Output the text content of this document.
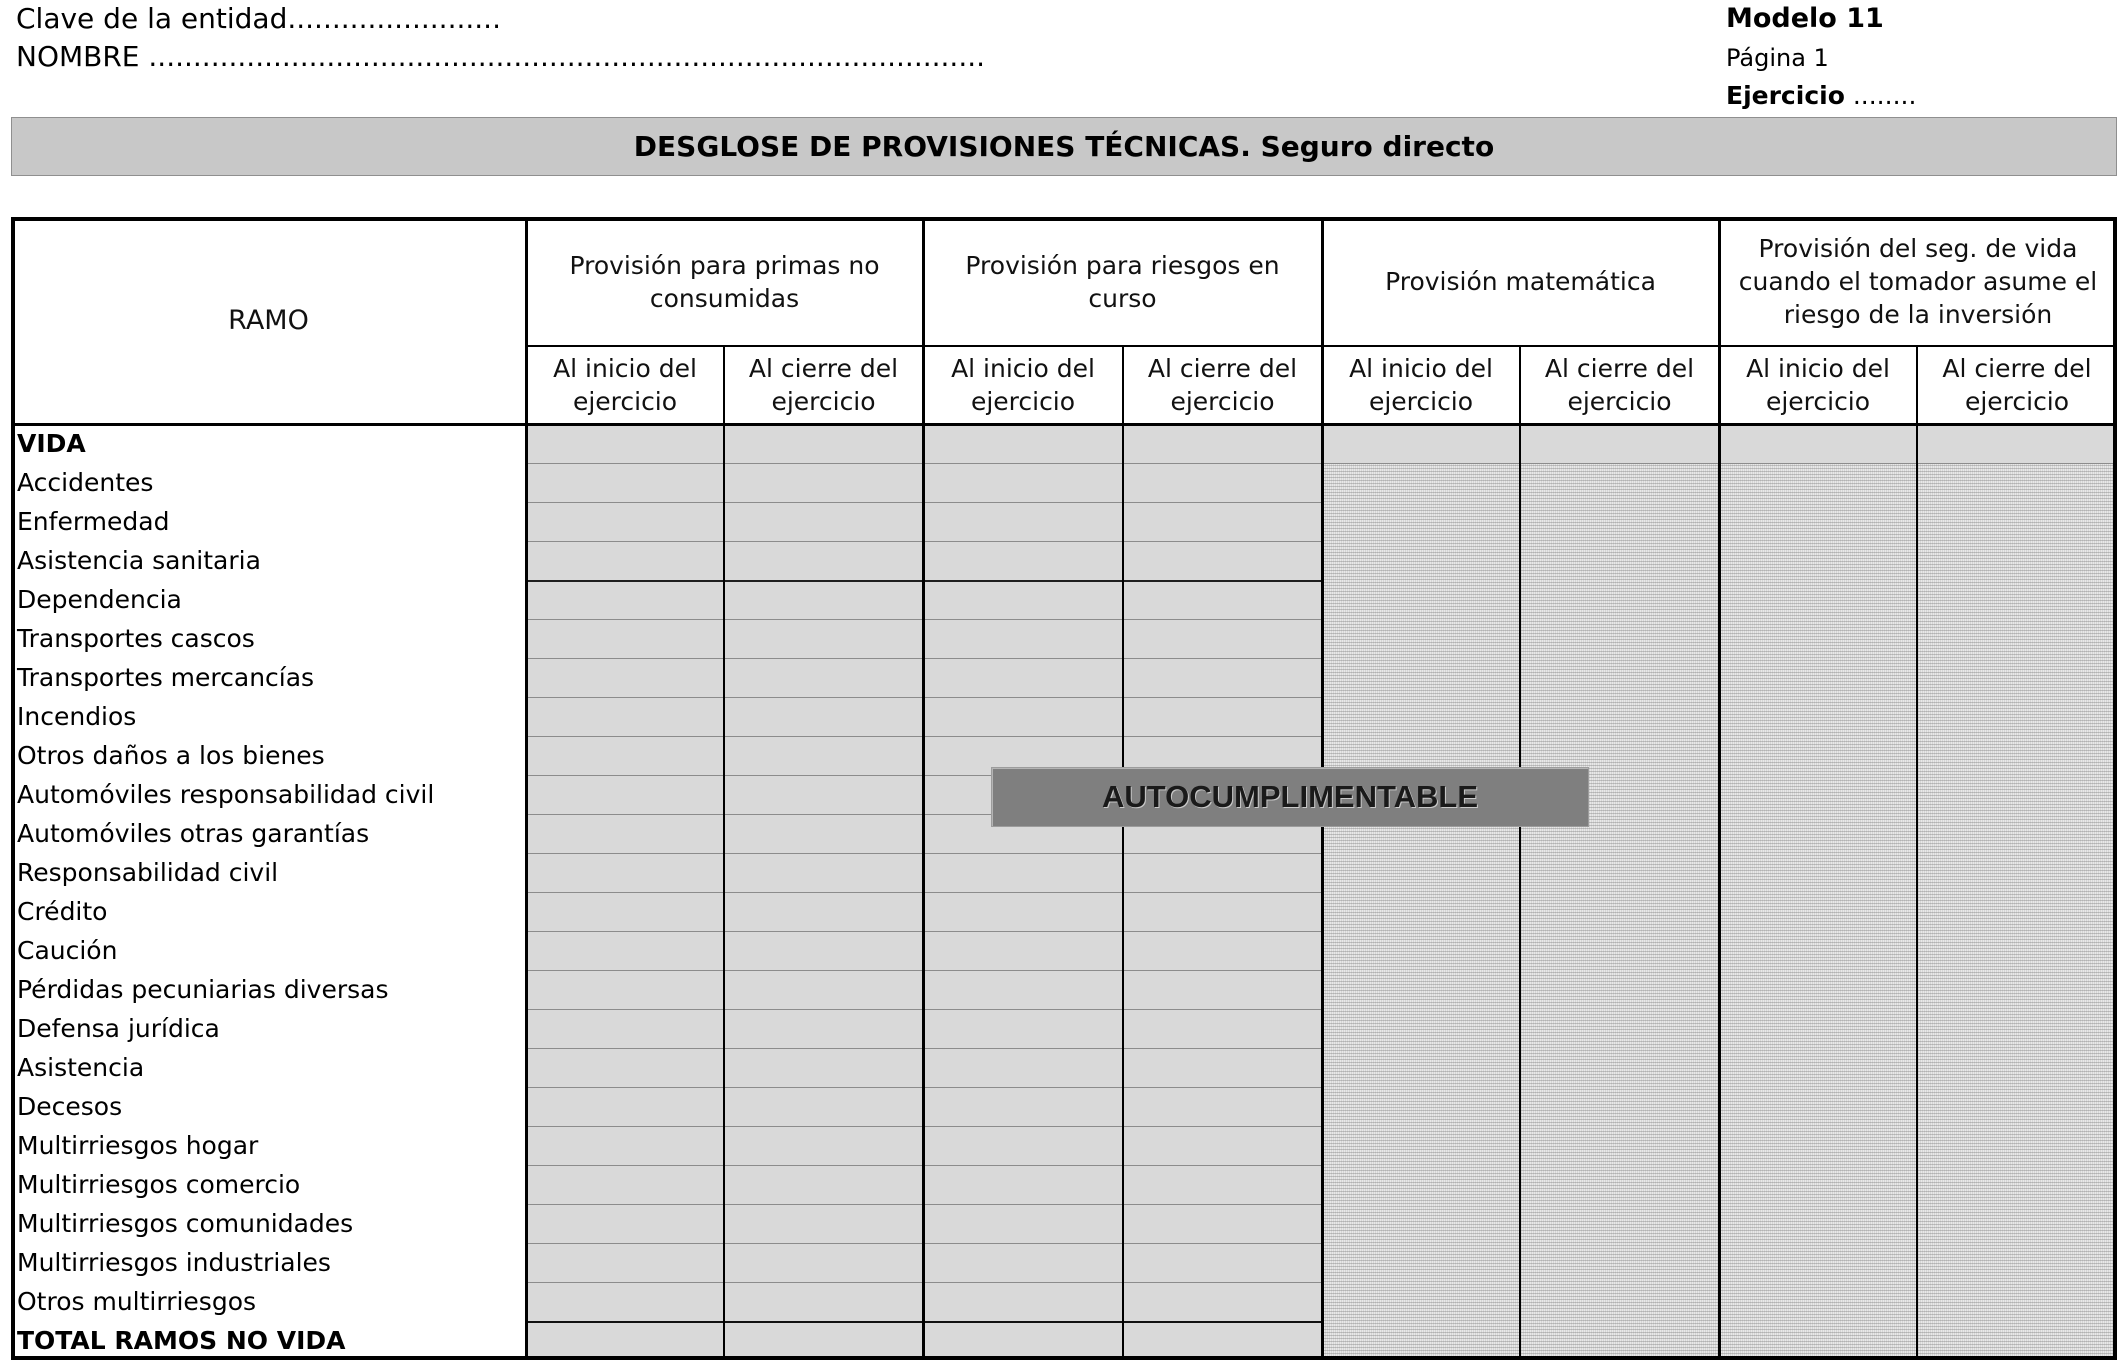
Clave de la entidad........................
NOMBRE ..............................................................................................
Modelo 11
Página 1
Ejercicio ........
DESGLOSE DE PROVISIONES TÉCNICAS. Seguro directo
RAMO
Provisión para primas no consumidas
Provisión para riesgos en curso
Provisión matemática
Provisión del seg. de vida cuando el tomador asume el riesgo de la inversión
Al inicio del ejercicio
Al cierre del ejercicio
Al inicio del ejercicio
Al cierre del ejercicio
Al inicio del ejercicio
Al cierre del ejercicio
Al inicio del ejercicio
Al cierre del ejercicio
VIDA
Accidentes
Enfermedad
Asistencia sanitaria
Dependencia
Transportes cascos
Transportes mercancías
Incendios
Otros daños a los bienes
Automóviles responsabilidad civil
Automóviles otras garantías
Responsabilidad civil
Crédito
Caución
Pérdidas pecuniarias diversas
Defensa jurídica
Asistencia
Decesos
Multirriesgos hogar
Multirriesgos comercio
Multirriesgos comunidades
Multirriesgos industriales
Otros multirriesgos
TOTAL RAMOS NO VIDA
AUTOCUMPLIMENTABLE
